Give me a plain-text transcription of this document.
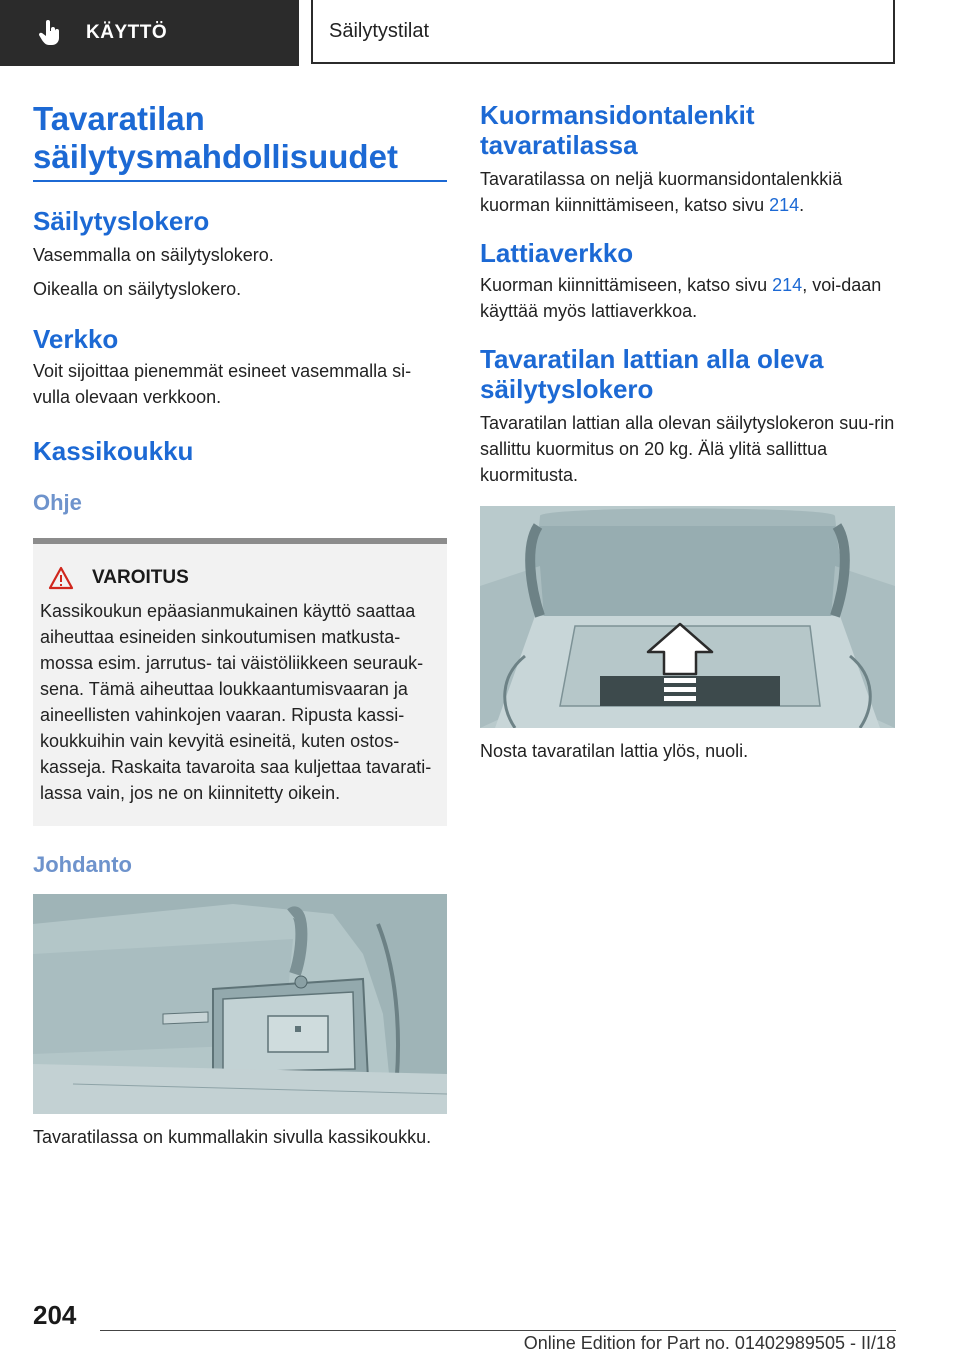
KÄYTTÖ	Säilytystilat
Tavaratilan säilytysmahdollisuudet
Säilytyslokero

Vasemmalla on säilytyslokero.

Oikealla on säilytyslokero.

Verkko

Voit sijoittaa pienemmät esineet vasemmalla si-vulla olevaan verkkoon.

Kassikoukku
Ohje
VAROITUS

Kassikoukun epäasianmukainen käyttö saattaa aiheuttaa esineiden sinkoutumisen matkusta-mossa esim. jarrutus- tai väistöliikkeen seurauk-sena. Tämä aiheuttaa loukkaantumisvaaran ja aineellisten vahinkojen vaaran. Ripusta kassi-koukkuihin vain kevyitä esineitä, kuten ostos-kasseja. Raskaita tavaroita saa kuljettaa tavarati-lassa vain, jos ne on kiinnitetty oikein.

Johdanto

Tavaratilassa on kummallakin sivulla kassikoukku.

Kuormansidontalenkit tavaratilassa

Tavaratilassa on neljä kuormansidontalenkkiä kuorman kiinnittämiseen, katso sivu 214.

Lattiaverkko

Kuorman kiinnittämiseen, katso sivu 214, voi-daan käyttää myös lattiaverkkoa.

Tavaratilan lattian alla oleva säilytyslokero

Tavaratilan lattian alla olevan säilytyslokeron suu-rin sallittu kuormitus on 20 kg. Älä ylitä sallittua kuormitusta.

Nosta tavaratilan lattia ylös, nuoli.

204
Online Edition for Part no. 01402989505 - II/18
